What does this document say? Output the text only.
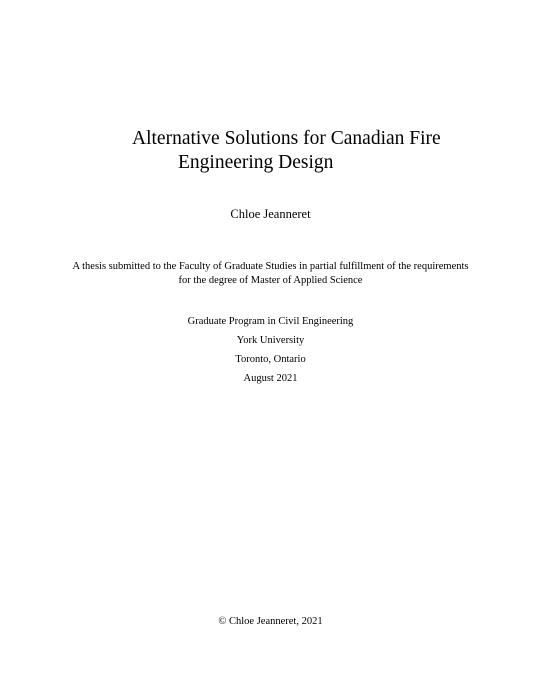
Alternative Solutions for Canadian Fire
Engineering Design
Chloe Jeanneret
A thesis submitted to the Faculty of Graduate Studies in partial fulfillment of the requirements
for the degree of Master of Applied Science
Graduate Program in Civil Engineering
York University
Toronto, Ontario
August 2021
© Chloe Jeanneret, 2021
